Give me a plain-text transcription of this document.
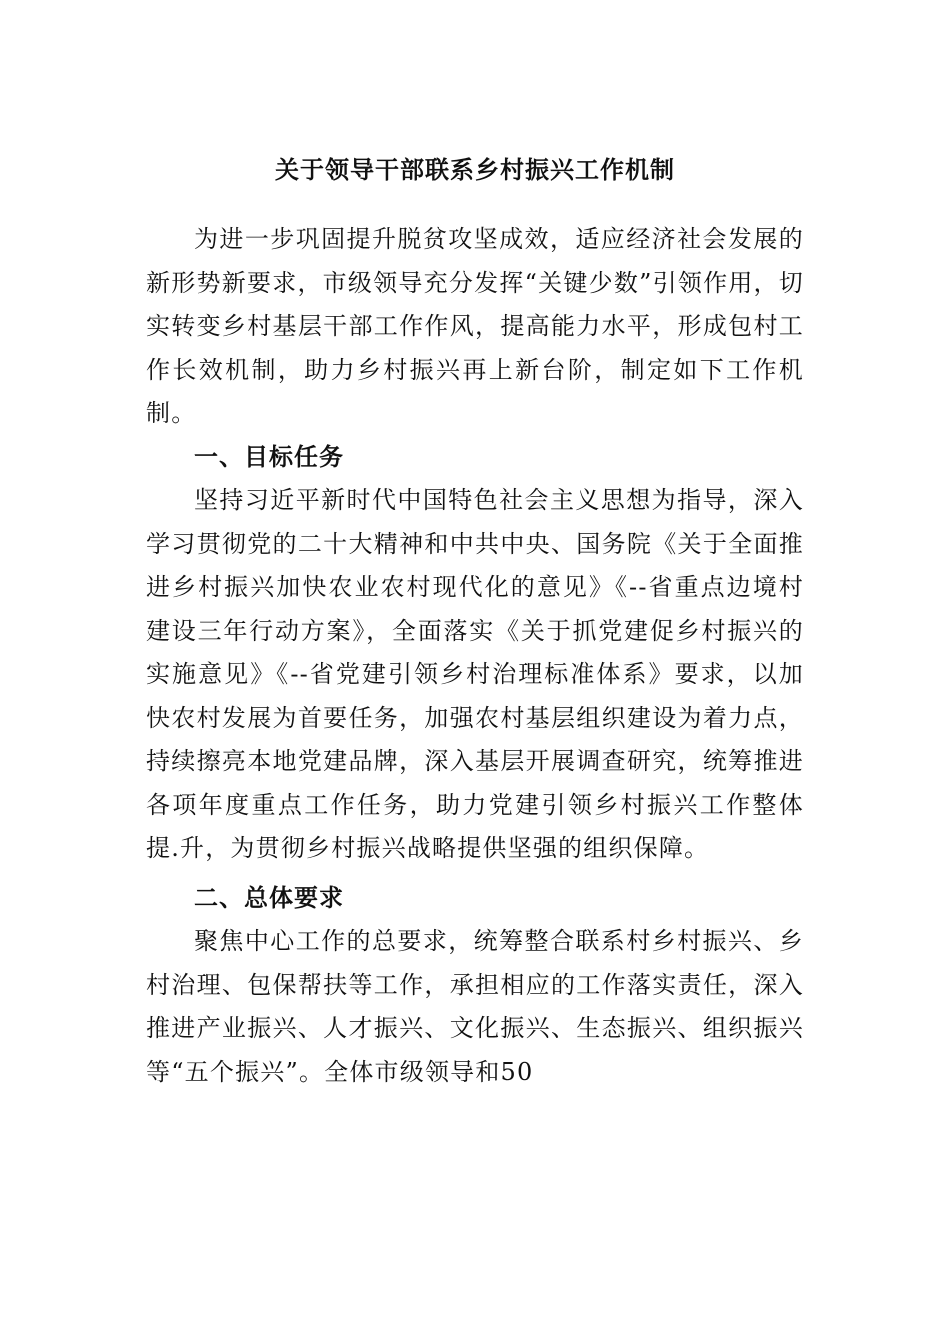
关于领导干部联系乡村振兴工作机制

为进一步巩固提升脱贫攻坚成效，适应经济社会发展的新形势新要求，市级领导充分发挥“关键少数”引领作用，切实转变乡村基层干部工作作风，提高能力水平，形成包村工作长效机制，助力乡村振兴再上新台阶，制定如下工作机制。

一、目标任务

坚持习近平新时代中国特色社会主义思想为指导，深入学习贯彻党的二十大精神和中共中央、国务院《关于全面推进乡村振兴加快农业农村现代化的意见》《--省重点边境村建设三年行动方案》，全面落实《关于抓党建促乡村振兴的实施意见》《--省党建引领乡村治理标准体系》要求，以加快农村发展为首要任务，加强农村基层组织建设为着力点，持续擦亮本地党建品牌，深入基层开展调查研究，统筹推进各项年度重点工作任务，助力党建引领乡村振兴工作整体提.升，为贯彻乡村振兴战略提供坚强的组织保障。

二、总体要求

聚焦中心工作的总要求，统筹整合联系村乡村振兴、乡村治理、包保帮扶等工作，承担相应的工作落实责任，深入推进产业振兴、人才振兴、文化振兴、生态振兴、组织振兴等“五个振兴”。全体市级领导和50
